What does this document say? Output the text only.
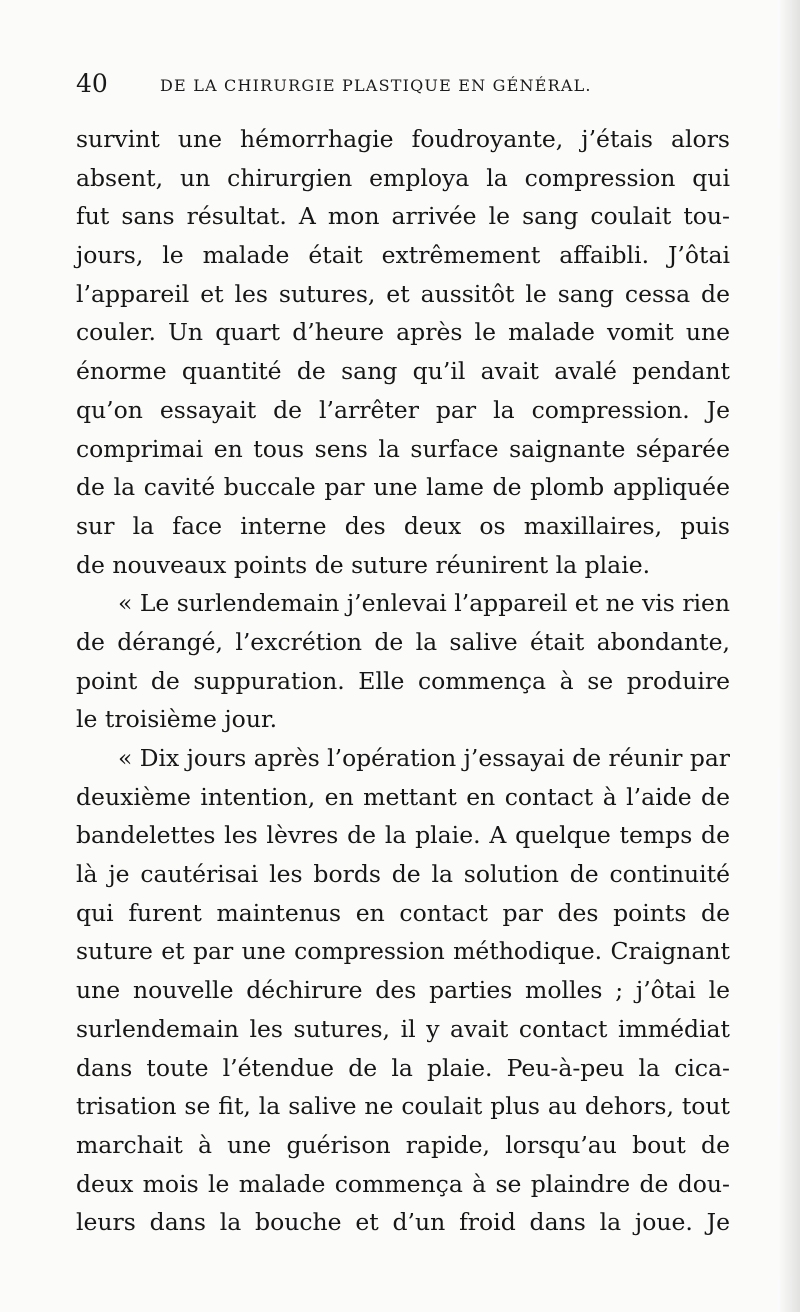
40	DE LA CHIRURGIE PLASTIQUE EN GÉNÉRAL.
survint une hémorrhagie foudroyante, j’étais alors
absent, un chirurgien employa la compression qui
fut sans résultat. A mon arrivée le sang coulait tou-
jours, le malade était extrêmement affaibli. J’ôtai
l’appareil et les sutures, et aussitôt le sang cessa de
couler. Un quart d’heure après le malade vomit une
énorme quantité de sang qu’il avait avalé pendant
qu’on essayait de l’arrêter par la compression. Je
comprimai en tous sens la surface saignante séparée
de la cavité buccale par une lame de plomb appliquée
sur la face interne des deux os maxillaires, puis
de nouveaux points de suture réunirent la plaie.
« Le surlendemain j’enlevai l’appareil et ne vis rien
de dérangé, l’excrétion de la salive était abondante,
point de suppuration. Elle commença à se produire
le troisième jour.
« Dix jours après l’opération j’essayai de réunir par
deuxième intention, en mettant en contact à l’aide de
bandelettes les lèvres de la plaie. A quelque temps de
là je cautérisai les bords de la solution de continuité
qui furent maintenus en contact par des points de
suture et par une compression méthodique. Craignant
une nouvelle déchirure des parties molles ; j’ôtai le
surlendemain les sutures, il y avait contact immédiat
dans toute l’étendue de la plaie. Peu-à-peu la cica-
trisation se fit, la salive ne coulait plus au dehors, tout
marchait à une guérison rapide, lorsqu’au bout de
deux mois le malade commença à se plaindre de dou-
leurs dans la bouche et d’un froid dans la joue. Je
